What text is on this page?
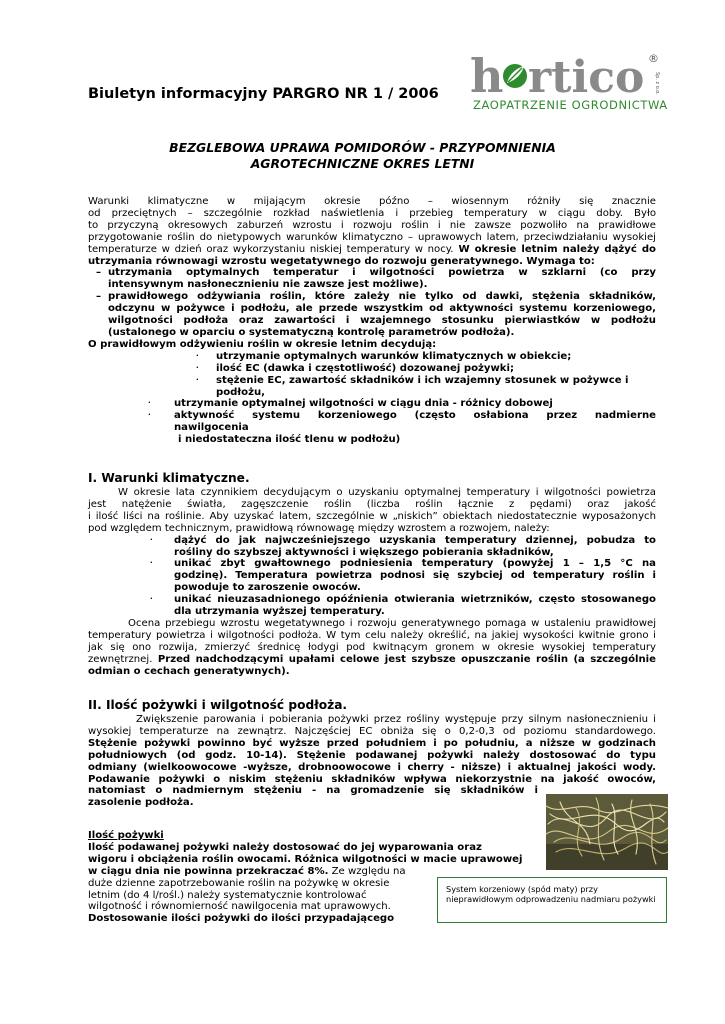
Biuletyn informacyjny PARGRO NR 1 / 2006 h rtico ®
Sp. z o.o.
ZAOPATRZENIE OGRODNICTWA
BEZGLEBOWA UPRAWA POMIDORÓW - PRZYPOMNIENIA
AGROTECHNICZNE OKRES LETNI
Warunki klimatyczne w mijającym okresie późno – wiosennym różniły się znacznie
od przeciętnych – szczególnie rozkład naświetlenia i przebieg temperatury w ciągu doby. Było
to przyczyną okresowych zaburzeń wzrostu i rozwoju roślin i nie zawsze pozwoliło na prawidłowe
przygotowanie roślin do nietypowych warunków klimatyczno – uprawowych latem, przeciwdziałaniu wysokiej
temperaturze w dzień oraz wykorzystaniu niskiej temperatury w nocy. W okresie letnim należy dążyć do
utrzymania równowagi wzrostu wegetatywnego do rozwoju generatywnego. Wymaga to:
– utrzymania optymalnych temperatur i wilgotności powietrza w szklarni (co przy
intensywnym nasłonecznieniu nie zawsze jest możliwe).
– prawidłowego odżywiania roślin, które zależy nie tylko od dawki, stężenia składników,
odczynu w pożywce i podłożu, ale przede wszystkim od aktywności systemu korzeniowego,
wilgotności podłoża oraz zawartości i wzajemnego stosunku pierwiastków w podłożu
(ustalonego w oparciu o systematyczną kontrolę parametrów podłoża).
O prawidłowym odżywieniu roślin w okresie letnim decydują:
· utrzymanie optymalnych warunków klimatycznych w obiekcie;
· ilość EC (dawka i częstotliwość) dozowanej pożywki;
· stężenie EC, zawartość składników i ich wzajemny stosunek w pożywce i
podłożu,
· utrzymanie optymalnej wilgotności w ciągu dnia - różnicy dobowej
· aktywność systemu korzeniowego (często osłabiona przez nadmierne
nawilgocenia
i niedostateczna ilość tlenu w podłożu)
I. Warunki klimatyczne.
W okresie lata czynnikiem decydującym o uzyskaniu optymalnej temperatury i wilgotności powietrza
jest natężenie światła, zagęszczenie roślin (liczba roślin łącznie z pędami) oraz jakość
i ilość liści na roślinie. Aby uzyskać latem, szczególnie w „niskich” obiektach niedostatecznie wyposażonych
pod względem technicznym, prawidłową równowagę między wzrostem a rozwojem, należy:
· dążyć do jak najwcześniejszego uzyskania temperatury dziennej, pobudza to
rośliny do szybszej aktywności i większego pobierania składników,
· unikać zbyt gwałtownego podniesienia temperatury (powyżej 1 – 1,5 °C na
godzinę). Temperatura powietrza podnosi się szybciej od temperatury roślin i
powoduje to zaroszenie owoców.
· unikać nieuzasadnionego opóźnienia otwierania wietrzników, często stosowanego
dla utrzymania wyższej temperatury.
Ocena przebiegu wzrostu wegetatywnego i rozwoju generatywnego pomaga w ustaleniu prawidłowej
temperatury powietrza i wilgotności podłoża. W tym celu należy określić, na jakiej wysokości kwitnie grono i
jak się ono rozwija, zmierzyć średnicę łodygi pod kwitnącym gronem w okresie wysokiej temperatury
zewnętrznej. Przed nadchodzącymi upałami celowe jest szybsze opuszczanie roślin (a szczególnie
odmian o cechach generatywnych).
II. Ilość pożywki i wilgotność podłoża.
Zwiększenie parowania i pobierania pożywki przez rośliny występuje przy silnym nasłonecznieniu i
wysokiej temperaturze na zewnątrz. Najczęściej EC obniża się o 0,2-0,3 od poziomu standardowego.
Stężenie pożywki powinno być wyższe przed południem i po południu, a niższe w godzinach
południowych (od godz. 10-14). Stężenie podawanej pożywki należy dostosować do typu
odmiany (wielkoowocowe -wyższe, drobnoowocowe i cherry - niższe) i aktualnej jakości wody.
Podawanie pożywki o niskim stężeniu składników wpływa niekorzystnie na jakość owoców,
natomiast o nadmiernym stężeniu - na gromadzenie się składników i
zasolenie podłoża.
Ilość pożywki
Ilość podawanej pożywki należy dostosować do jej wyparowania oraz
wigoru i obciążenia roślin owocami. Różnica wilgotności w macie uprawowej
w ciągu dnia nie powinna przekraczać 8%. Ze względu na
duże dzienne zapotrzebowanie roślin na pożywkę w okresie
letnim (do 4 l/rośl.) należy systematycznie kontrolować
wilgotność i równomierność nawilgocenia mat uprawowych.
Dostosowanie ilości pożywki do ilości przypadającego
System korzeniowy (spód maty) przy nieprawidłowym odprowadzeniu nadmiaru pożywki
